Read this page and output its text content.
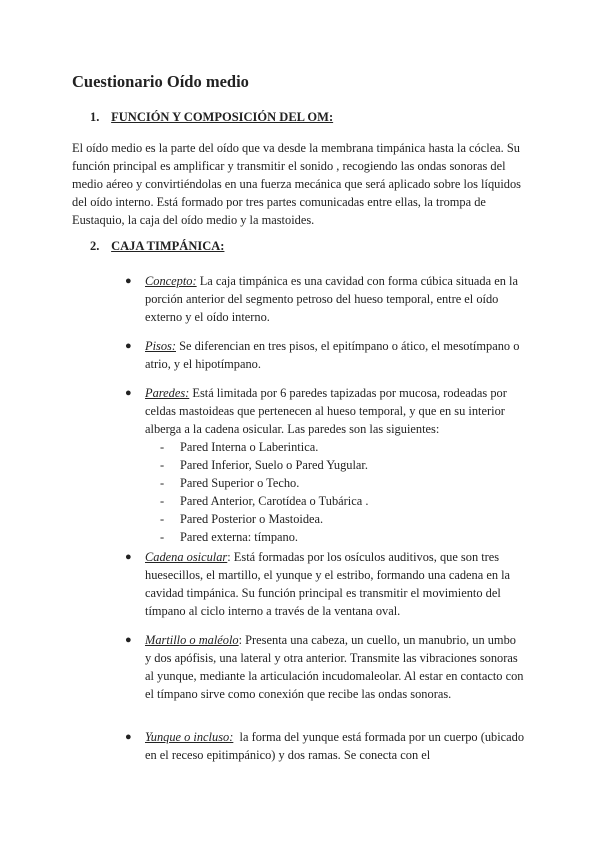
Cuestionario Oído medio
1. FUNCIÓN Y COMPOSICIÓN DEL OM:

El oído medio es la parte del oído que va desde la membrana timpánica hasta la cóclea. Su función principal es amplificar y transmitir el sonido , recogiendo las ondas sonoras del medio aéreo y convirtiéndolas en una fuerza mecánica que será aplicado sobre los líquidos del oído interno. Está formado por tres partes comunicadas entre ellas, la trompa de Eustaquio, la caja del oído medio y la mastoides.

2. CAJA TIMPÁNICA:
● Concepto: La caja timpánica es una cavidad con forma cúbica situada en la porción anterior del segmento petroso del hueso temporal, entre el oído externo y el oído interno.
● Pisos: Se diferencian en tres pisos, el epitímpano o ático, el mesotímpano o atrio, y el hipotímpano.
● Paredes: Está limitada por 6 paredes tapizadas por mucosa, rodeadas por celdas mastoideas que pertenecen al hueso temporal, y que en su interior alberga a la cadena osicular. Las paredes son las siguientes:
- Pared Interna o Laberintica.
- Pared Inferior, Suelo o Pared Yugular.
- Pared Superior o Techo.
- Pared Anterior, Carotídea o Tubárica .
- Pared Posterior o Mastoidea.
- Pared externa: tímpano.
● Cadena osicular: Está formadas por los osículos auditivos, que son tres huesecillos, el martillo, el yunque y el estribo, formando una cadena en la cavidad timpánica. Su función principal es transmitir el movimiento del tímpano al ciclo interno a través de la ventana oval.
● Martillo o maléolo: Presenta una cabeza, un cuello, un manubrio, un umbo y dos apófisis, una lateral y otra anterior. Transmite las vibraciones sonoras al yunque, mediante la articulación incudomaleolar. Al estar en contacto con el tímpano sirve como conexión que recibe las ondas sonoras.
● Yunque o incluso:  la forma del yunque está formada por un cuerpo (ubicado en el receso epitimpánico) y dos ramas. Se conecta con el
